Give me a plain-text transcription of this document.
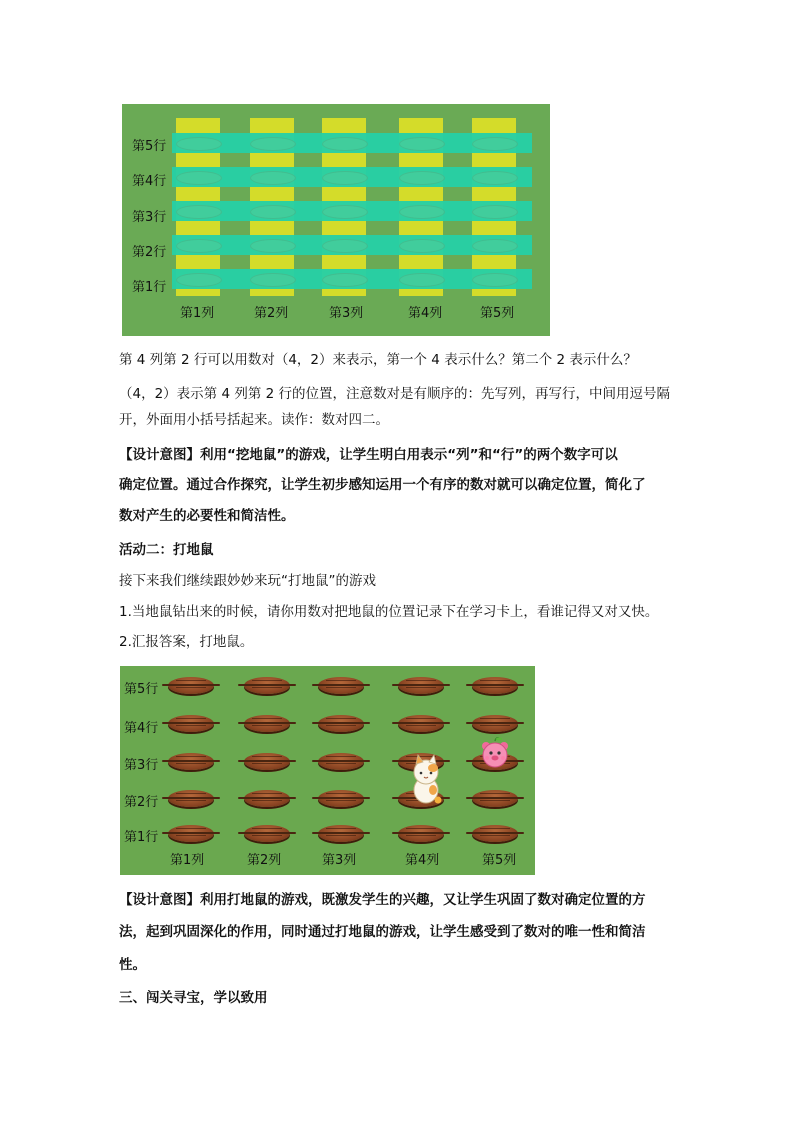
第5行
第4行
第3行
第2行
第1行
第1列	第2列	第3列	第4列	第5列
第 4 列第 2 行可以用数对（4，2）来表示，第一个 4 表示什么？第二个 2 表示什么？
（4，2）表示第 4 列第 2 行的位置，注意数对是有顺序的：先写列，再写行，中间用逗号隔
开，外面用小括号括起来。读作：数对四二。
【设计意图】利用“挖地鼠”的游戏，让学生明白用表示“列”和“行”的两个数字可以
确定位置。通过合作探究，让学生初步感知运用一个有序的数对就可以确定位置，简化了
数对产生的必要性和简洁性。
活动二：打地鼠
接下来我们继续跟妙妙来玩“打地鼠”的游戏
1.当地鼠钻出来的时候，请你用数对把地鼠的位置记录下在学习卡上，看谁记得又对又快。
2.汇报答案，打地鼠。
第5行
第4行
第3行
第2行
第1行
第1列	第2列	第3列	第4列	第5列
【设计意图】利用打地鼠的游戏，既激发学生的兴趣，又让学生巩固了数对确定位置的方
法，起到巩固深化的作用，同时通过打地鼠的游戏，让学生感受到了数对的唯一性和简洁
性。
三、闯关寻宝，学以致用
